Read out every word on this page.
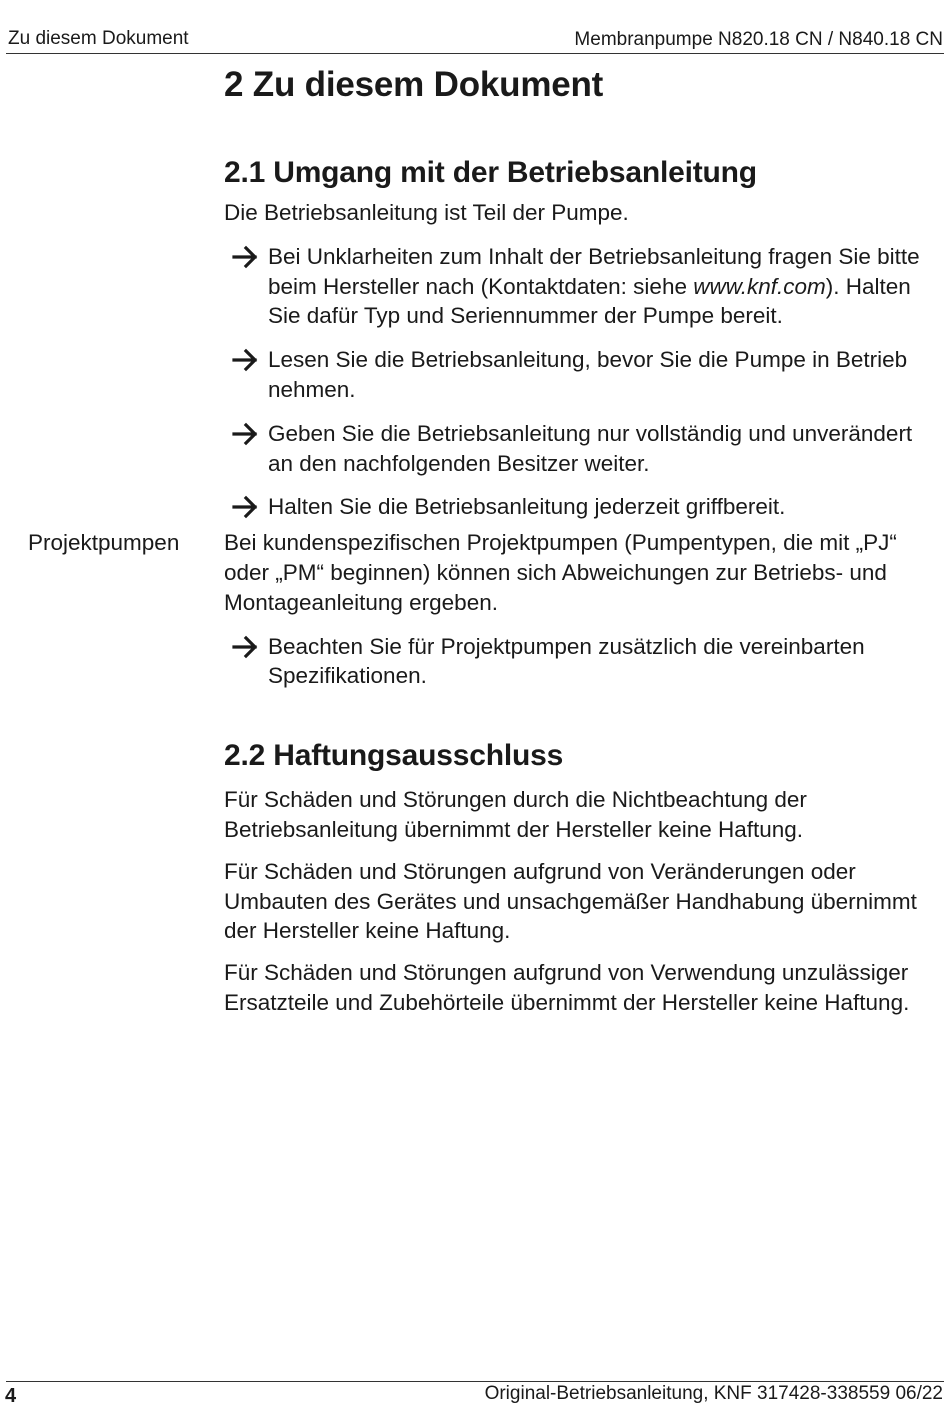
Zu diesem Dokument	Membranpumpe N820.18 CN / N840.18 CN
2 Zu diesem Dokument
2.1 Umgang mit der Betriebsanleitung

Die Betriebsanleitung ist Teil der Pumpe.

Bei Unklarheiten zum Inhalt der Betriebsanleitung fragen Sie bitte beim Hersteller nach (Kontaktdaten: siehe www.knf.com). Halten Sie dafür Typ und Seriennummer der Pumpe bereit.
Lesen Sie die Betriebsanleitung, bevor Sie die Pumpe in Betrieb nehmen.
Geben Sie die Betriebsanleitung nur vollständig und unverändert an den nachfolgenden Besitzer weiter.
Halten Sie die Betriebsanleitung jederzeit griffbereit.
Projektpumpen	Bei kundenspezifischen Projektpumpen (Pumpentypen, die mit „PJ“ oder „PM“ beginnen) können sich Abweichungen zur Betriebs- und Montageanleitung ergeben.

Beachten Sie für Projektpumpen zusätzlich die vereinbarten Spezifikationen.
2.2 Haftungsausschluss

Für Schäden und Störungen durch die Nichtbeachtung der Betriebsanleitung übernimmt der Hersteller keine Haftung.

Für Schäden und Störungen aufgrund von Veränderungen oder Umbauten des Gerätes und unsachgemäßer Handhabung übernimmt der Hersteller keine Haftung.

Für Schäden und Störungen aufgrund von Verwendung unzulässiger Ersatzteile und Zubehörteile übernimmt der Hersteller keine Haftung.

4	Original-Betriebsanleitung, KNF 317428-338559 06/22
